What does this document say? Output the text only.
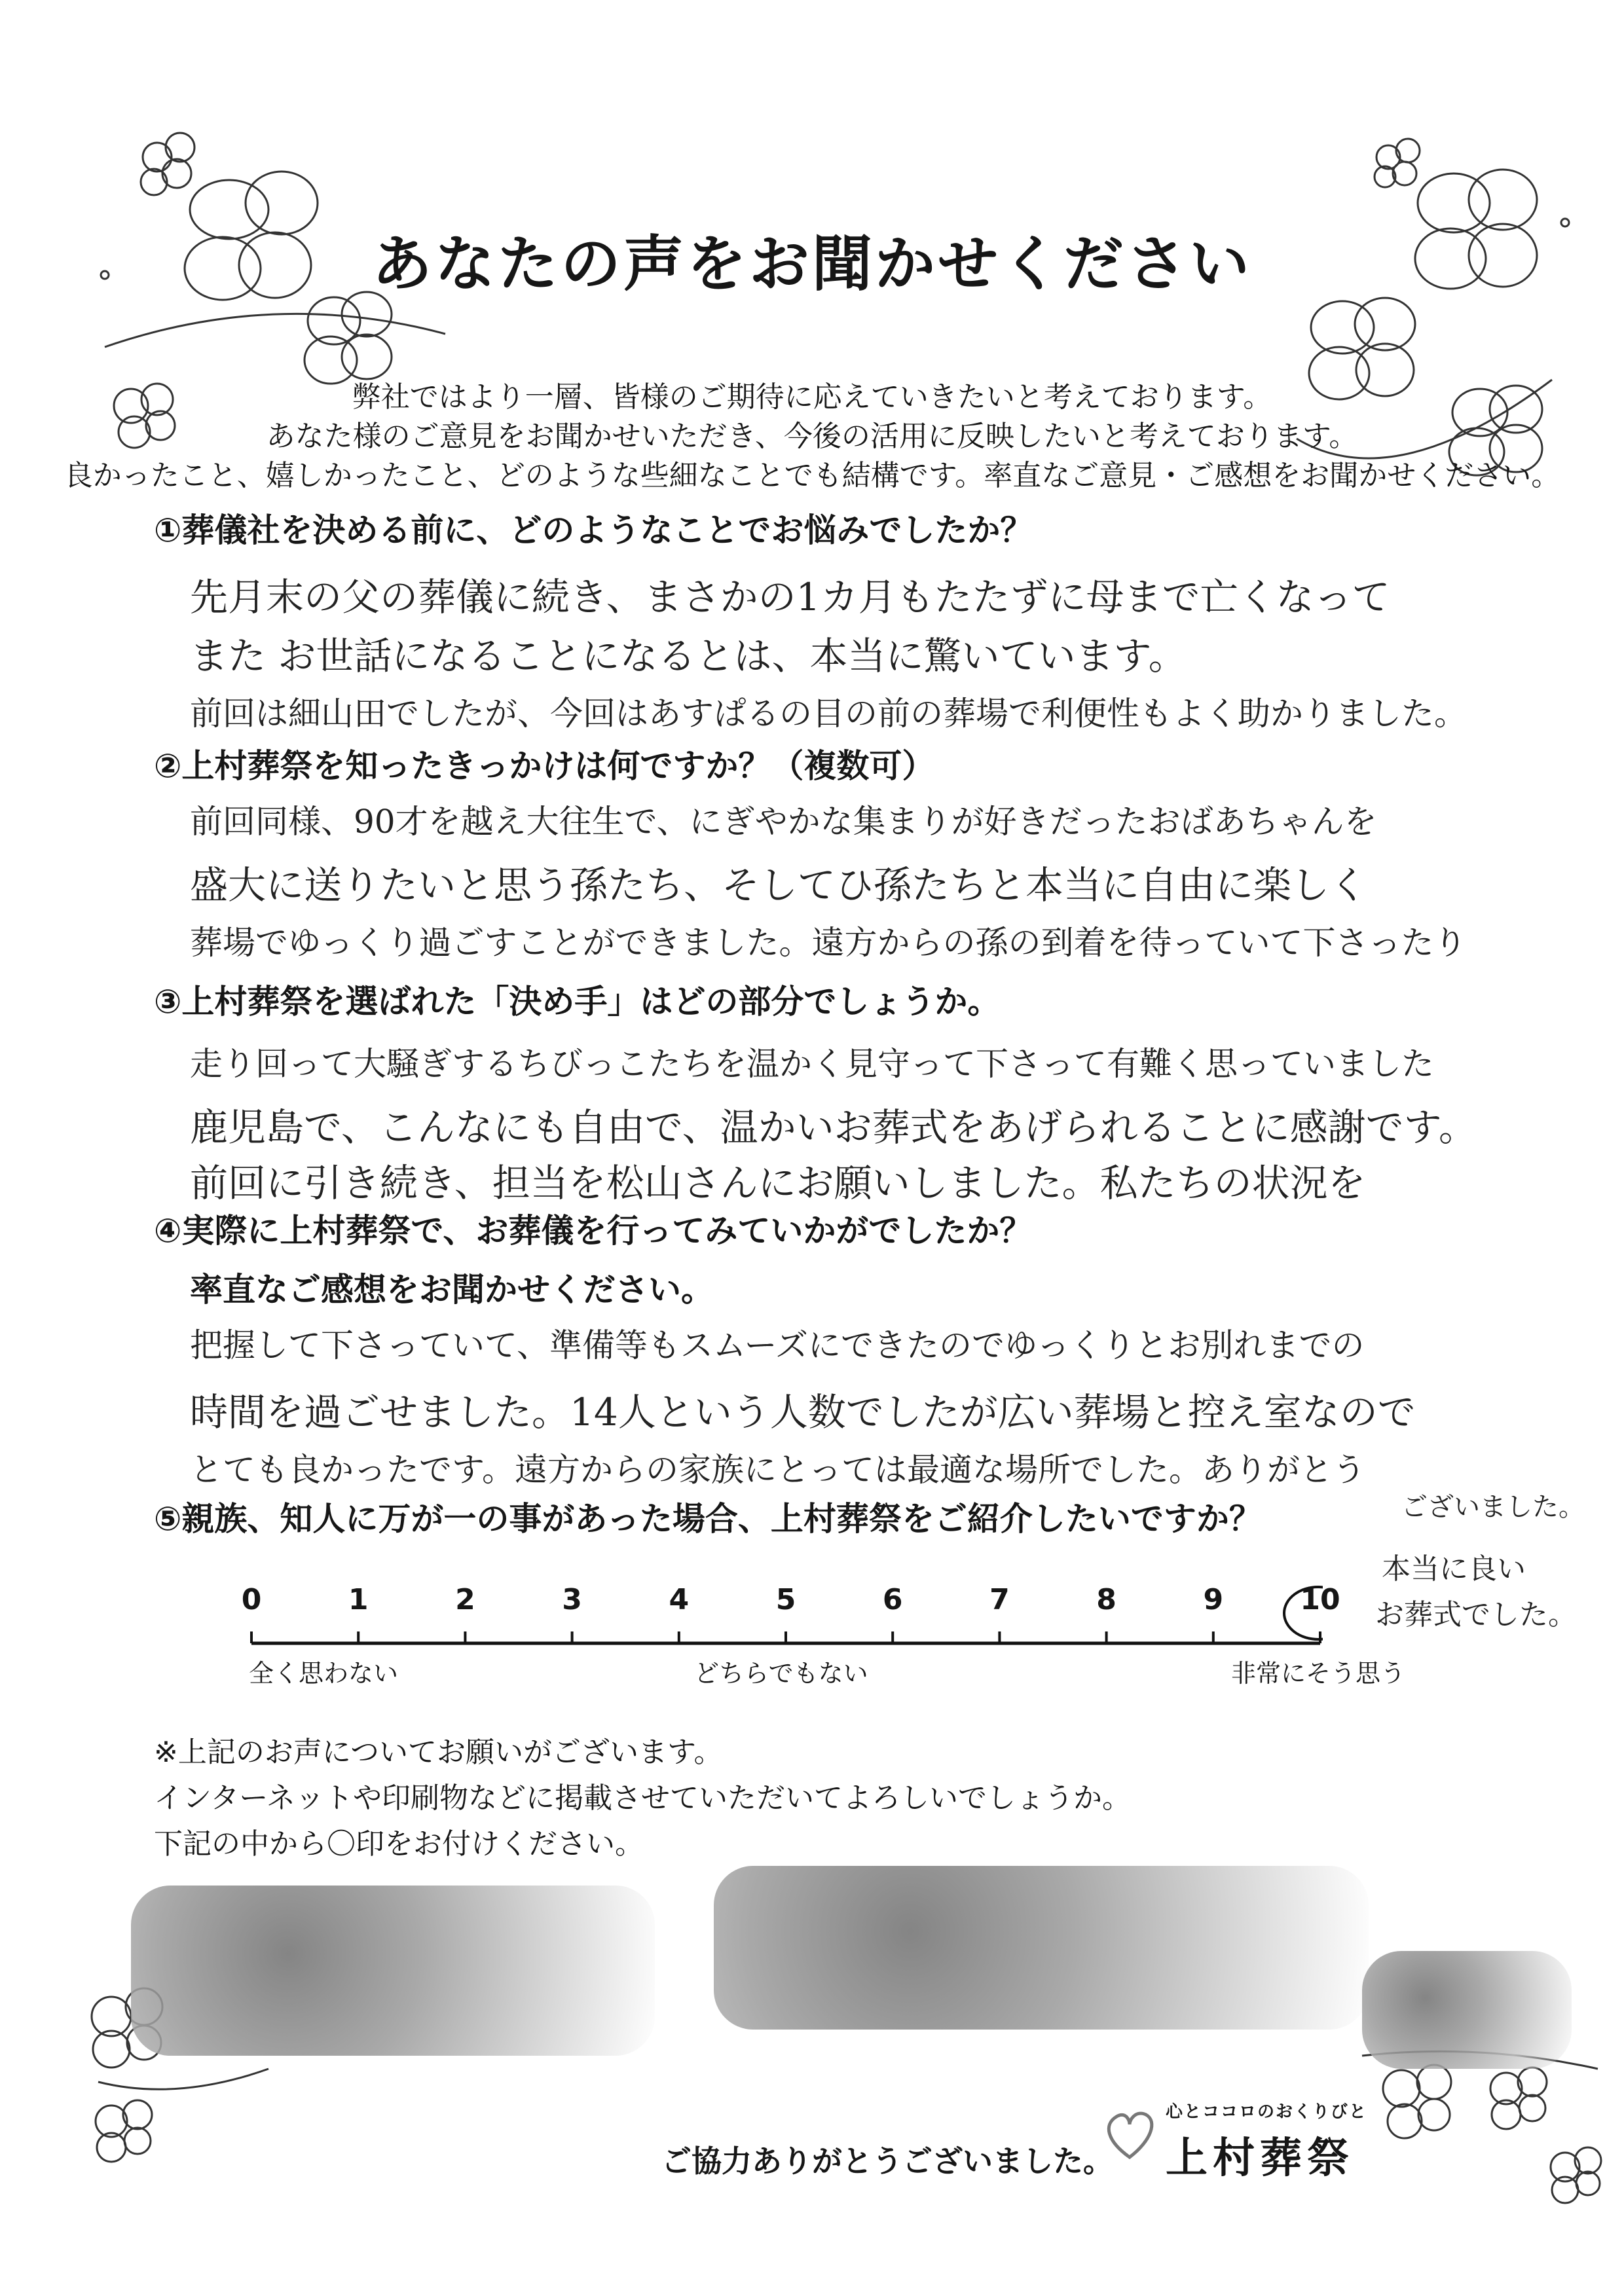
あなたの声をお聞かせください
弊社ではより一層、皆様のご期待に応えていきたいと考えております。
あなた様のご意見をお聞かせいただき、今後の活用に反映したいと考えております。
良かったこと、嬉しかったこと、どのような些細なことでも結構です。率直なご意見・ご感想をお聞かせください。
①葬儀社を決める前に、どのようなことでお悩みでしたか？
先月末の父の葬儀に続き、まさかの1カ月もたたずに母まで亡くなって
また お世話になることになるとは、本当に驚いています。
前回は細山田でしたが、今回はあすぱるの目の前の葬場で利便性もよく助かりました。
②上村葬祭を知ったきっかけは何ですか？（複数可）
前回同様、90才を越え大往生で、にぎやかな集まりが好きだったおばあちゃんを
盛大に送りたいと思う孫たち、そしてひ孫たちと本当に自由に楽しく
葬場でゆっくり過ごすことができました。遠方からの孫の到着を待っていて下さったり
③上村葬祭を選ばれた「決め手」はどの部分でしょうか。
走り回って大騒ぎするちびっこたちを温かく見守って下さって有難く思っていました
鹿児島で、こんなにも自由で、温かいお葬式をあげられることに感謝です。
前回に引き続き、担当を松山さんにお願いしました。私たちの状況を
④実際に上村葬祭で、お葬儀を行ってみていかがでしたか？
率直なご感想をお聞かせください。
把握して下さっていて、準備等もスムーズにできたのでゆっくりとお別れまでの
時間を過ごせました。14人という人数でしたが広い葬場と控え室なので
とても良かったです。遠方からの家族にとっては最適な場所でした。ありがとう
⑤親族、知人に万が一の事があった場合、上村葬祭をご紹介したいですか？	ございました。
本当に良い
お葬式でした。
0	1	2	3	4	5	6	7	8	9	10
全く思わない	どちらでもない	非常にそう思う
※上記のお声についてお願いがございます。
インターネットや印刷物などに掲載させていただいてよろしいでしょうか。
下記の中から〇印をお付けください。
ご協力ありがとうございました。
心とココロのおくりびと
上村葬祭
